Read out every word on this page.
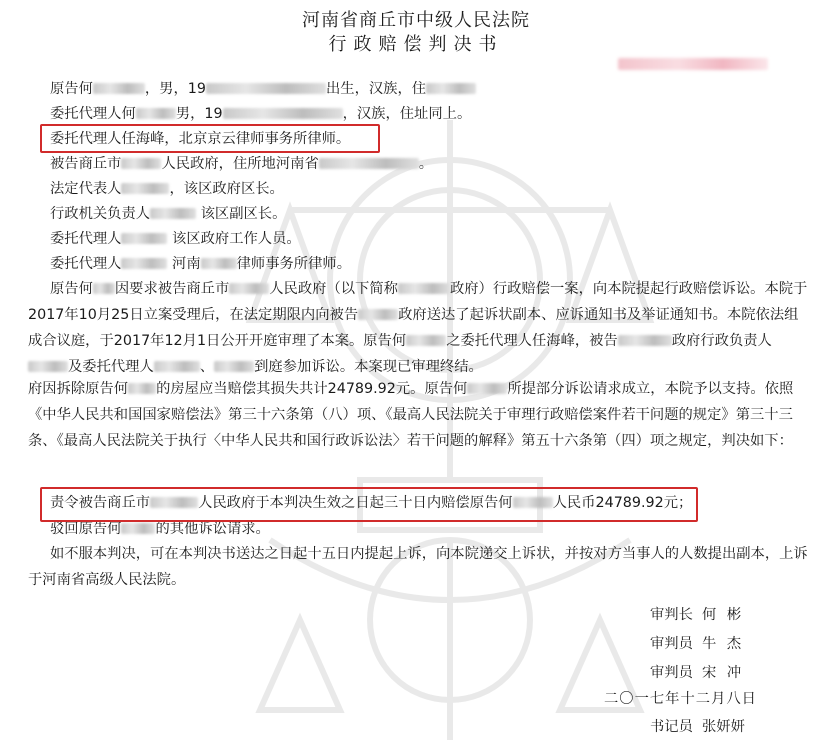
河南省商丘市中级人民法院
行政赔偿判决书
原告何	，男，19	出生，汉族，住
委托代理人何	男，19	，汉族，住址同上。
委托代理人任海峰，北京京云律师事务所律师。
被告商丘市	人民政府，住所地河南省	。
法定代表人	，该区政府区长。
行政机关负责人	该区副区长。
委托代理人	该区政府工作人员。
委托代理人	河南	律师事务所律师。

原告何 因要求被告商丘市	人民政府（以下简称	政府）行政赔偿一案，向本院提起行政赔偿诉讼。本院于2017年10月25日立案受理后，在法定期限内向被告	政府送达了起诉状副本、应诉通知书及举证通知书。本院依法组成合议庭，于2017年12月1日公开开庭审理了本案。原告何	之委托代理人任海峰，被告	政府行政负责人及委托代理人	、	到庭参加诉讼。本案现已审理终结。

府因拆除原告何 的房屋应当赔偿其损失共计24789.92元。原告何	所提部分诉讼请求成立，本院予以支持。依照《中华人民共和国国家赔偿法》第三十六条第（八）项、《最高人民法院关于审理行政赔偿案件若干问题的规定》第三十三条、《最高人民法院关于执行〈中华人民共和国行政诉讼法〉若干问题的解释》第五十六条第（四）项之规定，判决如下：

责令被告商丘市	人民政府于本判决生效之日起三十日内赔偿原告何	人民币24789.92元；
驳回原告何 的其他诉讼请求。

如不服本判决，可在本判决书送达之日起十五日内提起上诉，向本院递交上诉状，并按对方当事人的人数提出副本，上诉于河南省高级人民法院。

审判长 何 彬
审判员 牛 杰
审判员 宋 冲
二〇一七年十二月八日
书记员 张妍妍
